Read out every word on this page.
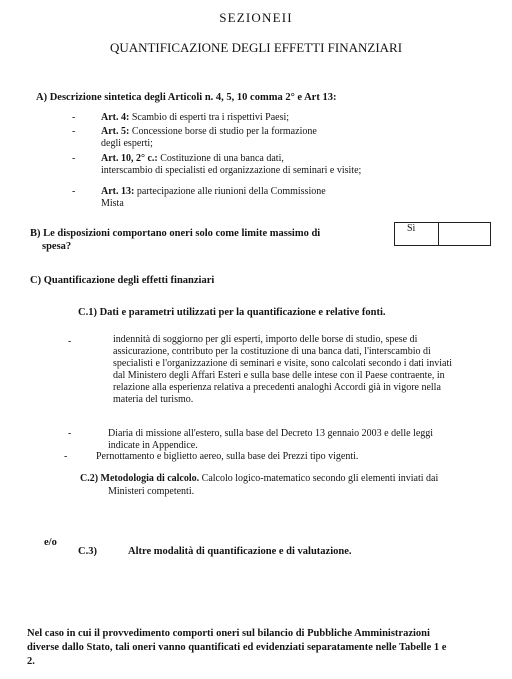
SEZIONEII
QUANTIFICAZIONE DEGLI EFFETTI FINANZIARI
A) Descrizione sintetica degli Articoli n. 4, 5, 10 comma 2° e Art 13:
-	Art. 4: Scambio di esperti tra i rispettivi Paesi;
-	Art. 5: Concessione borse di studio per la formazione
degli esperti;
-	Art. 10, 2° c.: Costituzione di una banca dati,
interscambio di specialisti ed organizzazione di seminari e visite;
-	Art. 13: partecipazione alle riunioni della Commissione
Mista
B) Le disposizioni comportano oneri solo come limite massimo di
spesa?
Sì
C) Quantificazione degli effetti finanziari
C.1) Dati e parametri utilizzati per la quantificazione e relative fonti.
-	indennità di soggiorno per gli esperti, importo delle borse di studio, spese di
assicurazione, contributo per la costituzione di una banca dati, l'interscambio di
specialisti e l'organizzazione di seminari e visite, sono calcolati secondo i dati inviati
dal Ministero degli Affari Esteri e sulla base delle intese con il Paese contraente, in
relazione alla esperienza relativa a precedenti analoghi Accordi già in vigore nella
materia del turismo.
-	Diaria di missione all'estero, sulla base del Decreto 13 gennaio 2003 e delle leggi
indicate in Appendice.
-	Pernottamento e biglietto aereo, sulla base dei Prezzi tipo vigenti.
C.2) Metodologia di calcolo. Calcolo logico-matematico secondo gli elementi inviati dai
Ministeri competenti.
e/o
C.3)	Altre modalità di quantificazione e di valutazione.
Nel caso in cui il provvedimento comporti oneri sul bilancio di Pubbliche Amministrazioni
diverse dallo Stato, tali oneri vanno quantificati ed evidenziati separatamente nelle Tabelle 1 e
2.
